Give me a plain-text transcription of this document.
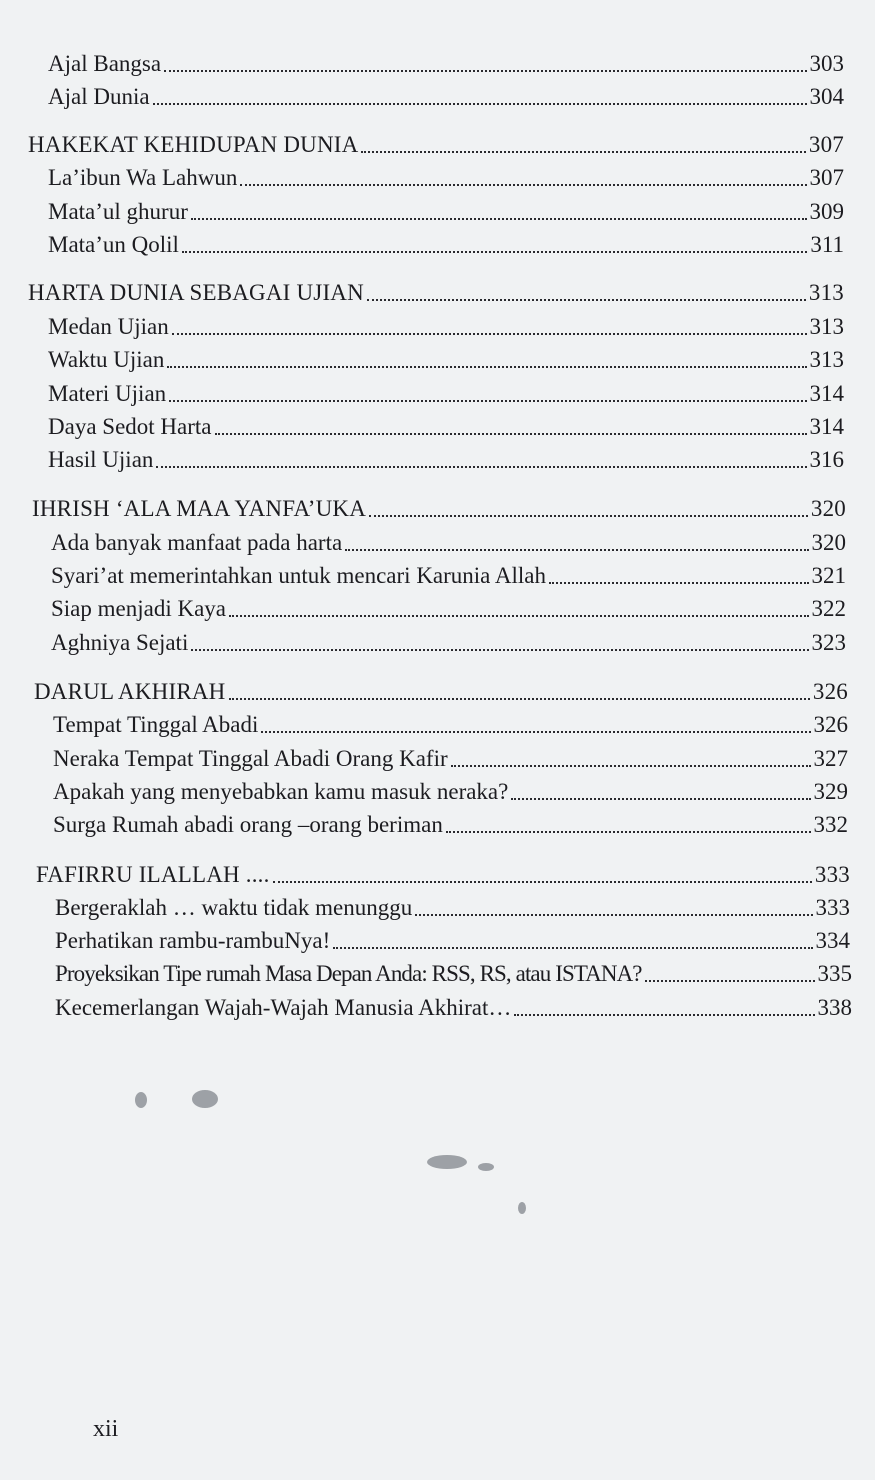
Ajal Bangsa	303
Ajal Dunia	304
HAKEKAT KEHIDUPAN DUNIA	307
La’ibun Wa Lahwun	307
Mata’ul ghurur	309
Mata’un Qolil	311
HARTA DUNIA SEBAGAI UJIAN	313
Medan Ujian	313
Waktu Ujian	313
Materi Ujian	314
Daya Sedot Harta	314
Hasil Ujian	316
IHRISH ‘ALA MAA YANFA’UKA	320
Ada banyak manfaat pada harta	320
Syari’at memerintahkan untuk mencari Karunia Allah	321
Siap menjadi Kaya	322
Aghniya Sejati	323
DARUL AKHIRAH	326
Tempat Tinggal Abadi	326
Neraka Tempat Tinggal Abadi Orang Kafir	327
Apakah yang menyebabkan kamu masuk neraka?	329
Surga Rumah abadi orang –orang beriman	332
FAFIRRU ILALLAH ....	333
Bergeraklah … waktu tidak menunggu	333
Perhatikan rambu-rambuNya!	334
Proyeksikan Tipe rumah Masa Depan Anda: RSS, RS, atau ISTANA?	335
Kecemerlangan Wajah-Wajah Manusia Akhirat…	338
xii
